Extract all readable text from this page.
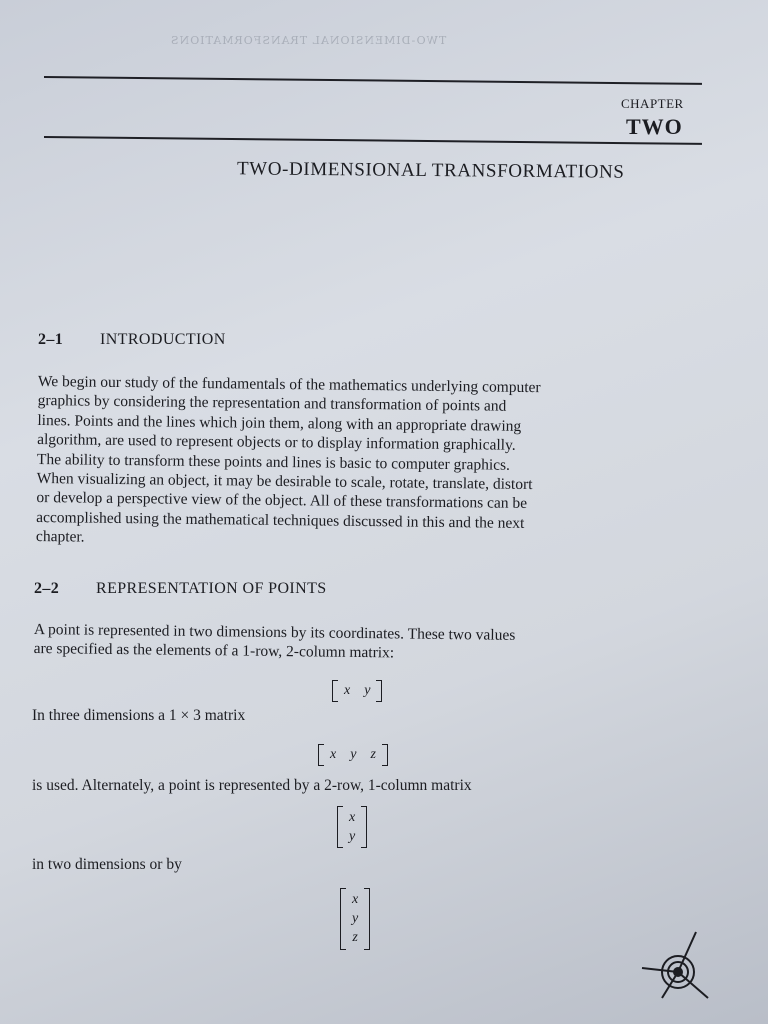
TWO-DIMENSIONAL TRANSFORMATIONS
CHAPTER
TWO
TWO-DIMENSIONAL TRANSFORMATIONS
2–1 INTRODUCTION
We begin our study of the fundamentals of the mathematics underlying computer
graphics by considering the representation and transformation of points and
lines. Points and the lines which join them, along with an appropriate drawing
algorithm, are used to represent objects or to display information graphically.
The ability to transform these points and lines is basic to computer graphics.
When visualizing an object, it may be desirable to scale, rotate, translate, distort
or develop a perspective view of the object. All of these transformations can be
accomplished using the mathematical techniques discussed in this and the next
chapter.
2–2 REPRESENTATION OF POINTS
A point is represented in two dimensions by its coordinates. These two values
are specified as the elements of a 1-row, 2-column matrix:
x y
In three dimensions a 1 × 3 matrix
x y z
is used. Alternately, a point is represented by a 2-row, 1-column matrix
x
y
in two dimensions or by
x
y
z
